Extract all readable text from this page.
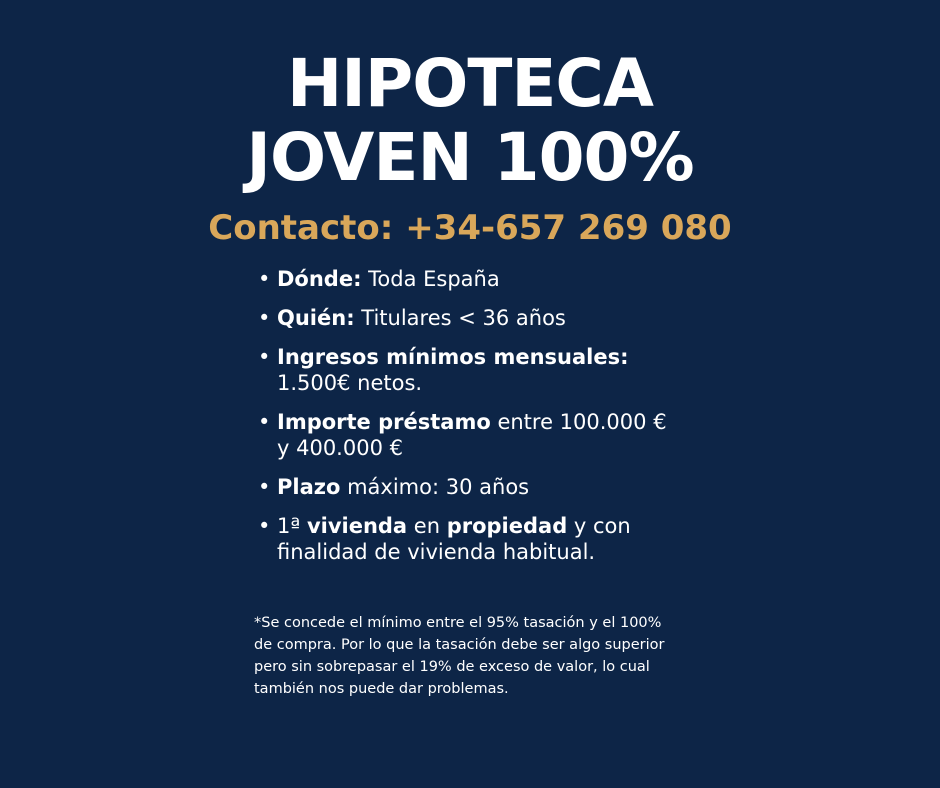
HIPOTECA
JOVEN 100%
Contacto: +34-657 269 080
• Dónde: Toda España
• Quién: Titulares < 36 años
• Ingresos mínimos mensuales:
1.500€ netos.
• Importe préstamo entre 100.000 €
y 400.000 €
• Plazo máximo: 30 años
• 1ª vivienda en propiedad y con
finalidad de vivienda habitual.
*Se concede el mínimo entre el 95% tasación y el 100%
de compra. Por lo que la tasación debe ser algo superior
pero sin sobrepasar el 19% de exceso de valor, lo cual
también nos puede dar problemas.
